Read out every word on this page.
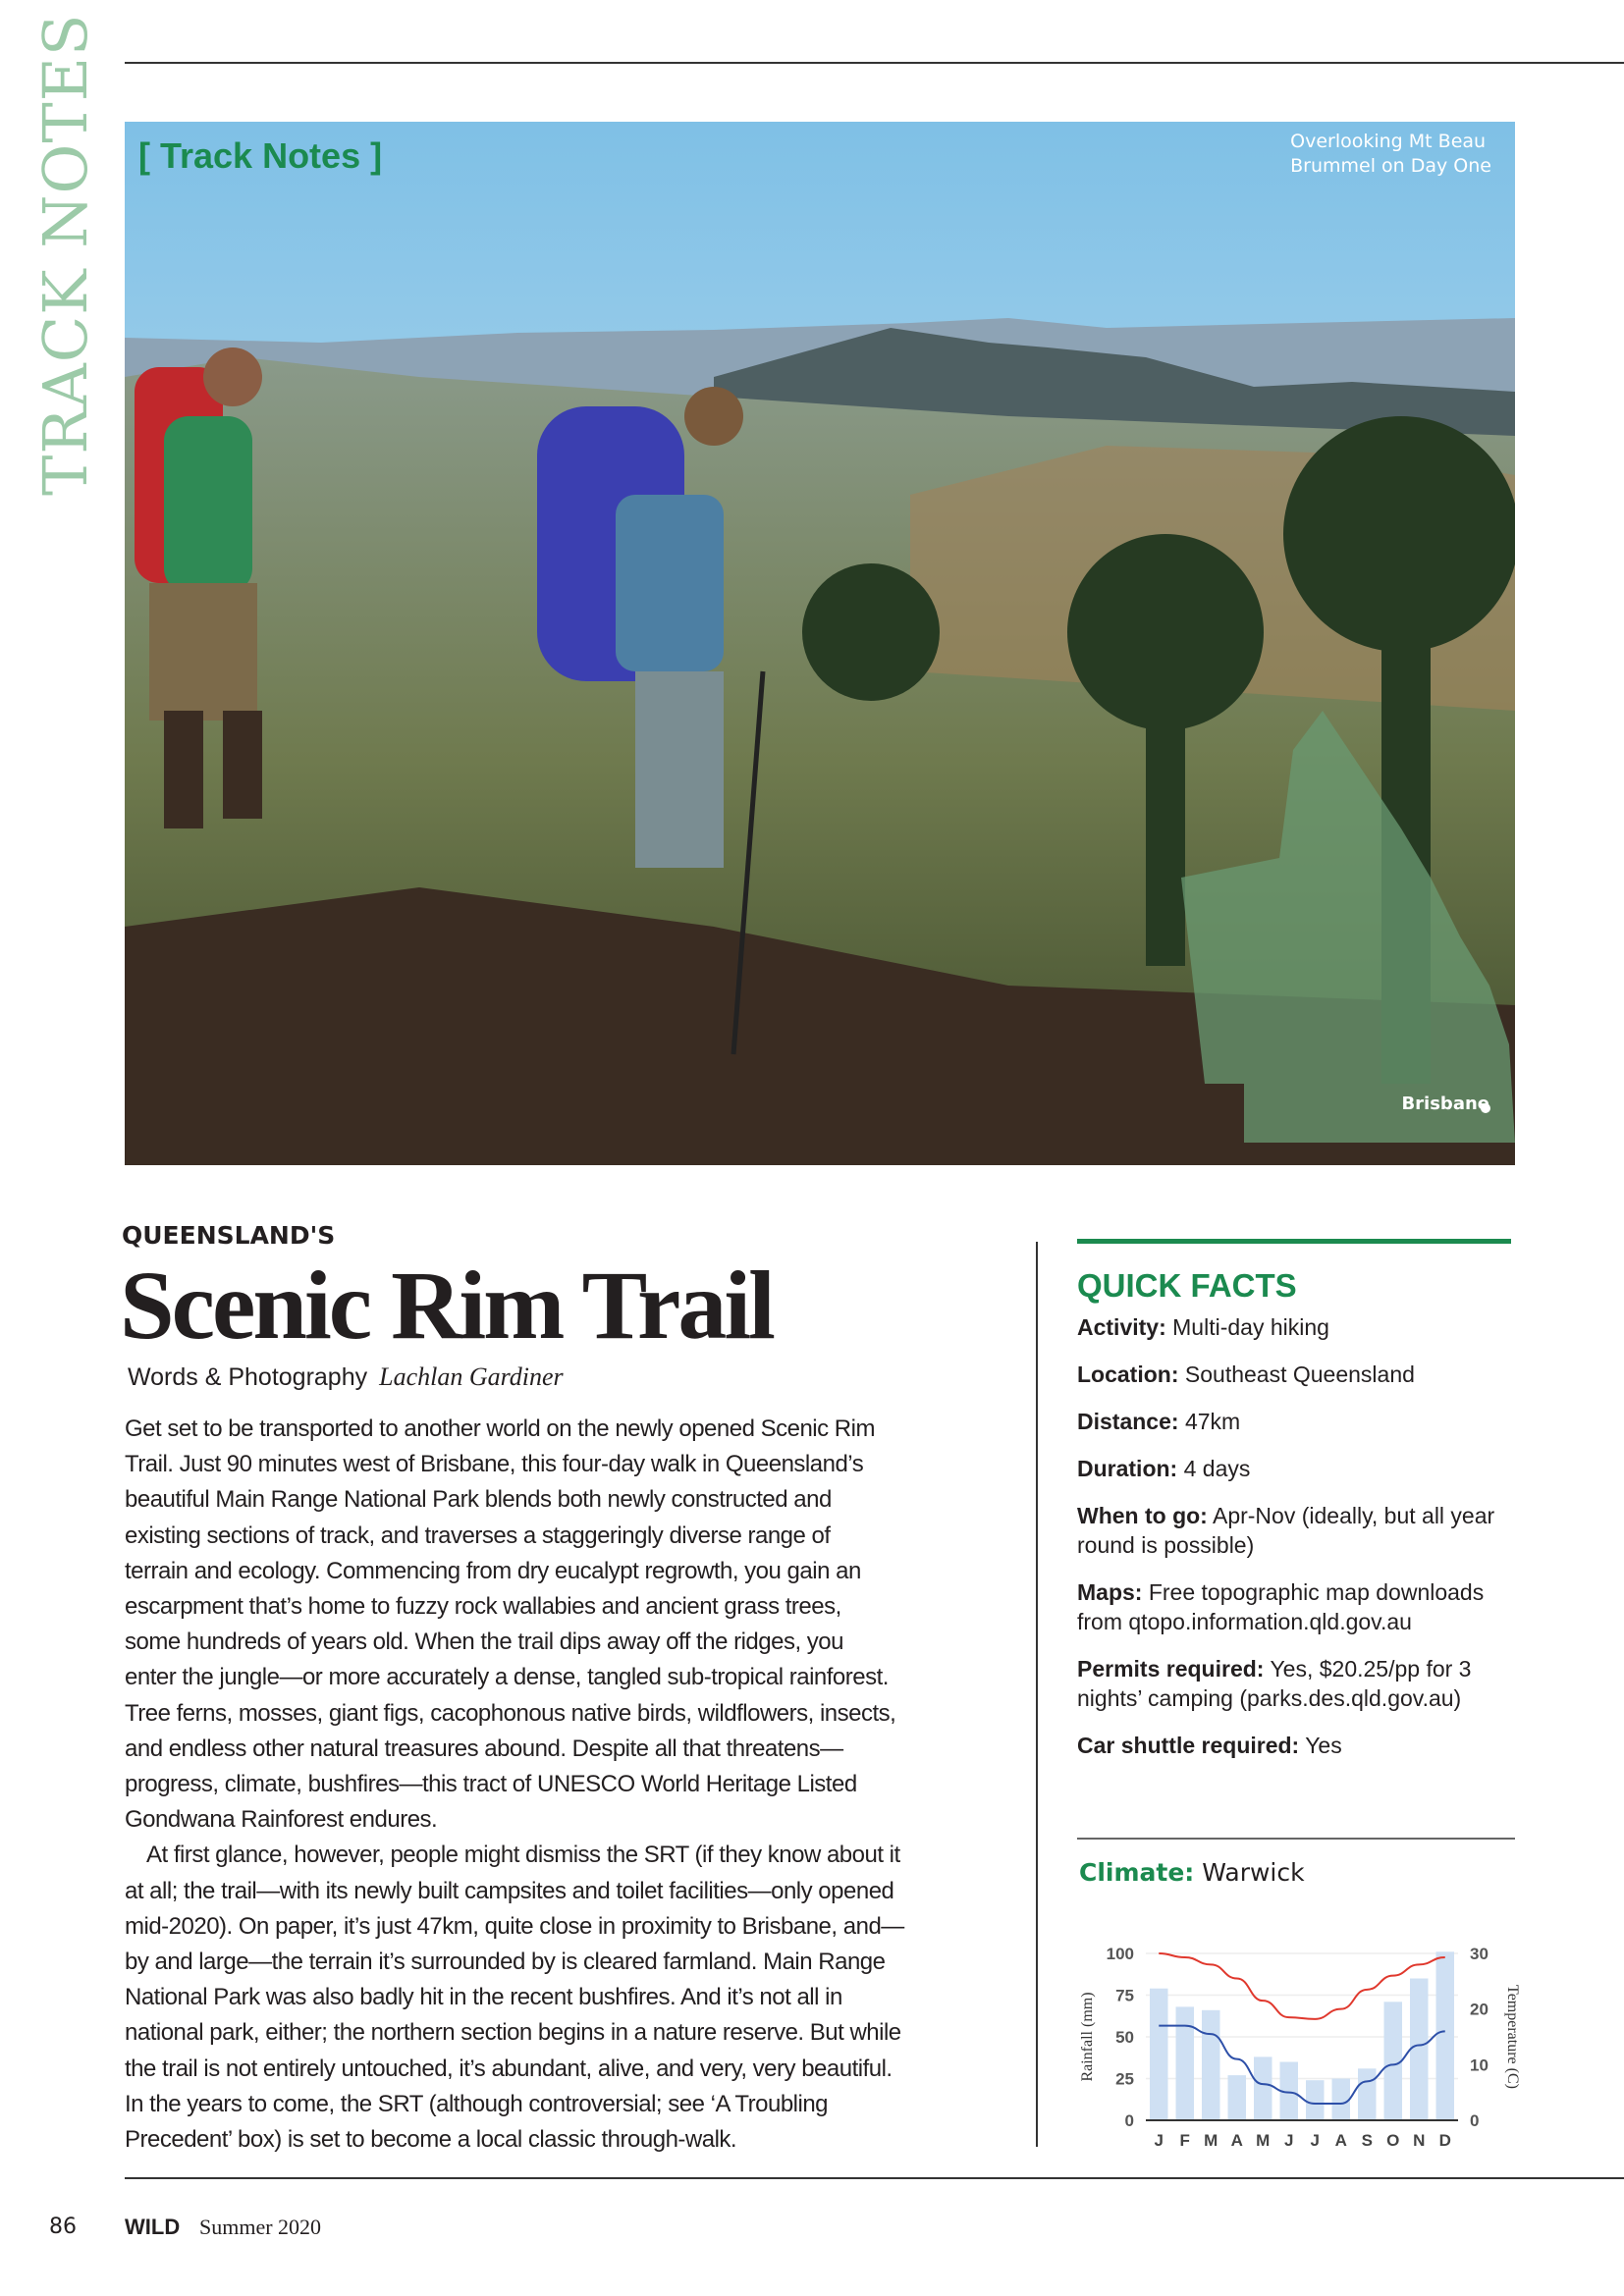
TRACK NOTES [ Track Notes ]	Overlooking Mt Beau
Brummel on Day One
Brisbane
QUEENSLAND'S
Scenic Rim Trail
Words & Photography Lachlan Gardiner
Get set to be transported to another world on the newly opened Scenic Rim
Trail. Just 90 minutes west of Brisbane, this four-day walk in Queensland’s
beautiful Main Range National Park blends both newly constructed and
existing sections of track, and traverses a staggeringly diverse range of
terrain and ecology. Commencing from dry eucalypt regrowth, you gain an
escarpment that’s home to fuzzy rock wallabies and ancient grass trees,
some hundreds of years old. When the trail dips away off the ridges, you
enter the jungle—or more accurately a dense, tangled sub-tropical rainforest.
Tree ferns, mosses, giant figs, cacophonous native birds, wildflowers, insects,
and endless other natural treasures abound. Despite all that threatens—
progress, climate, bushfires—this tract of UNESCO World Heritage Listed
Gondwana Rainforest endures.
At first glance, however, people might dismiss the SRT (if they know about it
at all; the trail—with its newly built campsites and toilet facilities—only opened
mid-2020). On paper, it’s just 47km, quite close in proximity to Brisbane, and—
by and large—the terrain it’s surrounded by is cleared farmland. Main Range
National Park was also badly hit in the recent bushfires. And it’s not all in
national park, either; the northern section begins in a nature reserve. But while
the trail is not entirely untouched, it’s abundant, alive, and very, very beautiful.
In the years to come, the SRT (although controversial; see ‘A Troubling
Precedent’ box) is set to become a local classic through-walk.
QUICK FACTS
Activity: Multi-day hiking
Location: Southeast Queensland
Distance: 47km
Duration: 4 days
When to go: Apr-Nov (ideally, but all year round is possible)
Maps: Free topographic map downloads from qtopo.information.qld.gov.au
Permits required: Yes, $20.25/pp for 3 nights’ camping (parks.des.qld.gov.au)
Car shuttle required: Yes
Climate: Warwick
0
25
50
75
100
0
10
20
30
J F M A M J J A S O N D
Rainfall (mm)	Temperature (C)
86 WILD Summer 2020
